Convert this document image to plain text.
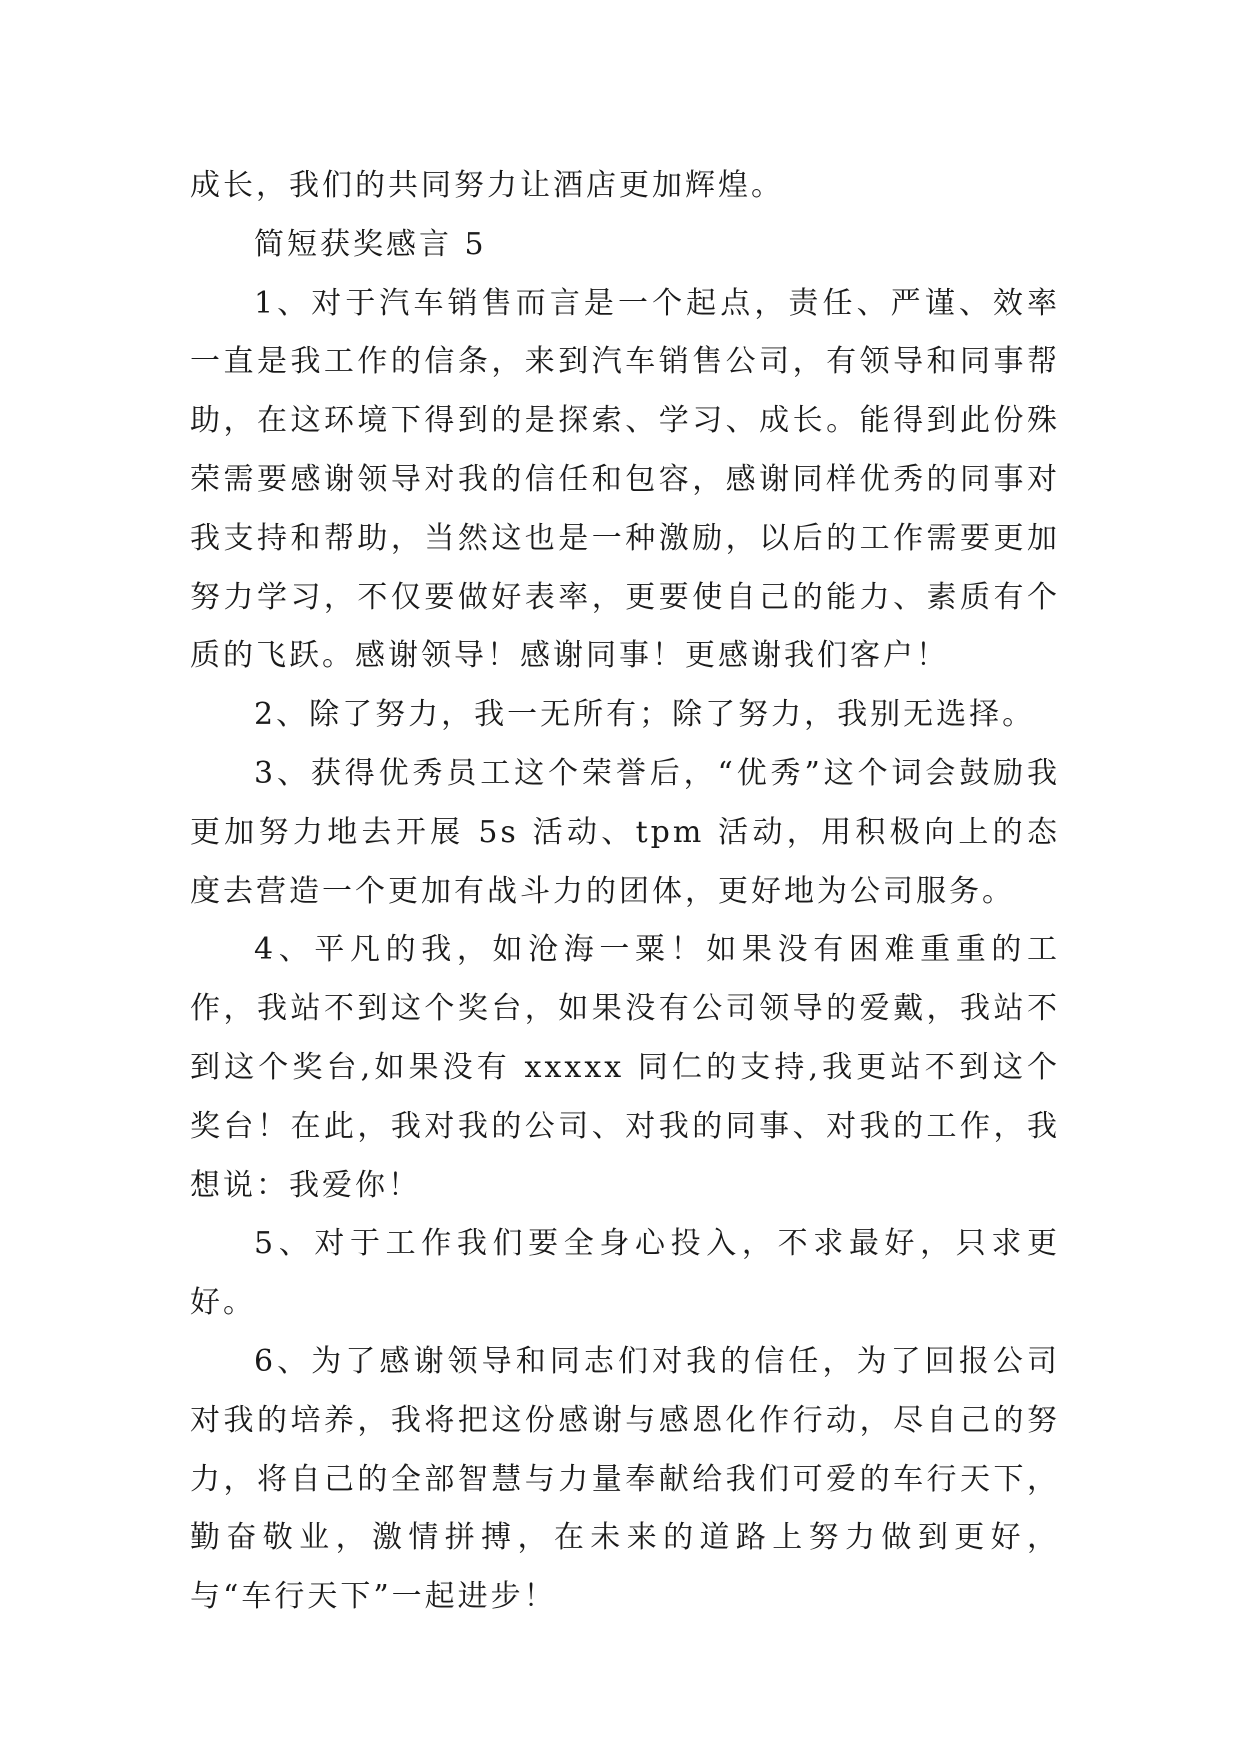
成长，我们的共同努力让酒店更加辉煌。

简短获奖感言 5

1、对于汽车销售而言是一个起点，责任、严谨、效率一直是我工作的信条，来到汽车销售公司，有领导和同事帮助，在这环境下得到的是探索、学习、成长。能得到此份殊荣需要感谢领导对我的信任和包容，感谢同样优秀的同事对我支持和帮助，当然这也是一种激励，以后的工作需要更加努力学习，不仅要做好表率，更要使自己的能力、素质有个质的飞跃。感谢领导！感谢同事！更感谢我们客户！

2、除了努力，我一无所有；除了努力，我别无选择。

3、获得优秀员工这个荣誉后，“优秀”这个词会鼓励我更加努力地去开展 5s 活动、tpm 活动，用积极向上的态度去营造一个更加有战斗力的团体，更好地为公司服务。

4、平凡的我，如沧海一粟！如果没有困难重重的工作，我站不到这个奖台，如果没有公司领导的爱戴，我站不到这个奖台,如果没有 xxxxx 同仁的支持,我更站不到这个奖台！在此，我对我的公司、对我的同事、对我的工作，我想说：我爱你！

5、对于工作我们要全身心投入，不求最好，只求更好。

6、为了感谢领导和同志们对我的信任，为了回报公司对我的培养，我将把这份感谢与感恩化作行动，尽自己的努力，将自己的全部智慧与力量奉献给我们可爱的车行天下，勤奋敬业，激情拼搏，在未来的道路上努力做到更好，与“车行天下”一起进步！
